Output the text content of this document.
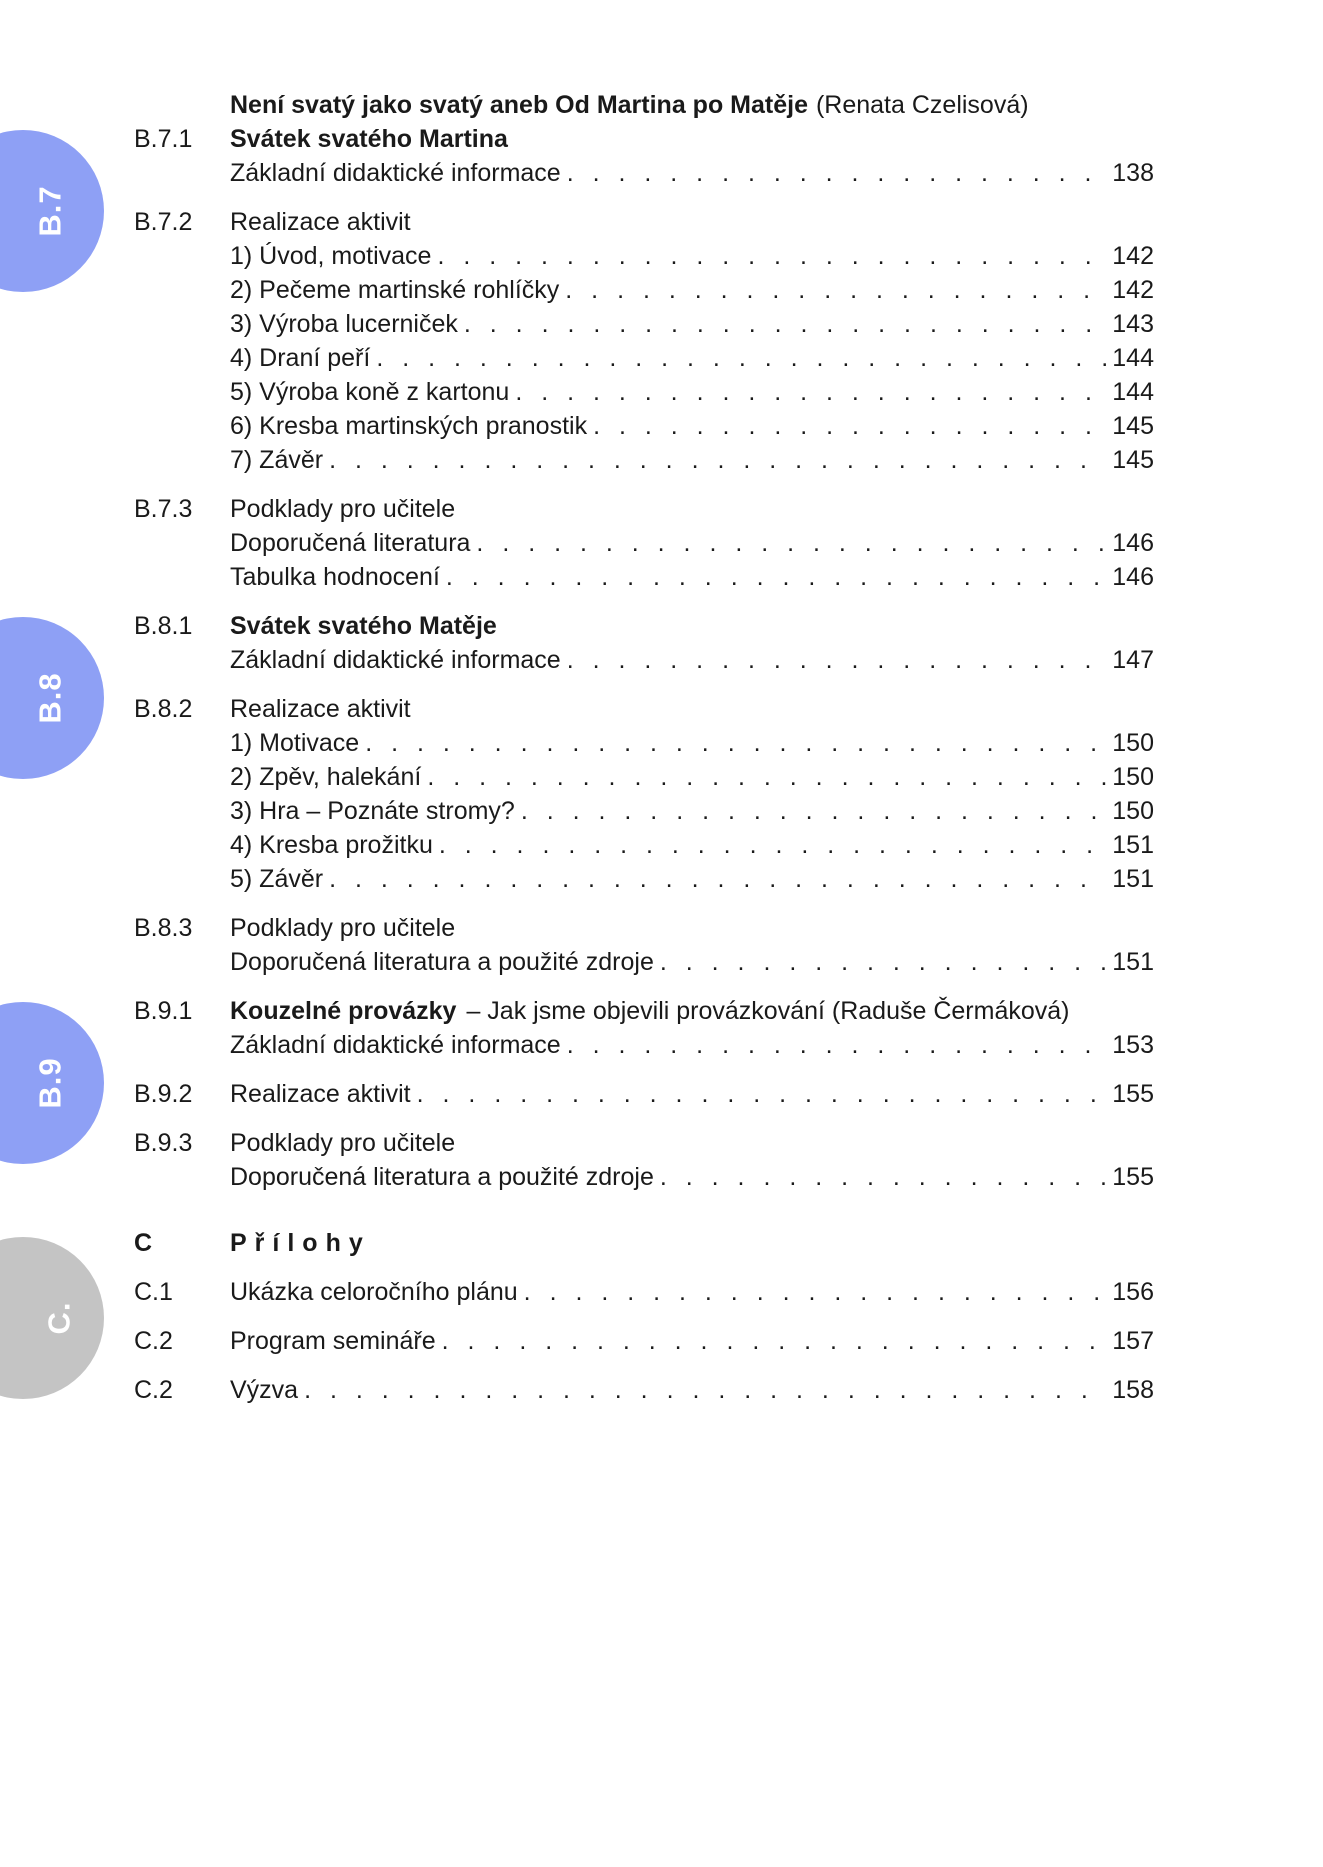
B.7
B.8
B.9
C.
Není svatý jako svatý aneb Od Martina po Matěje (Renata Czelisová)
B.7.1	Svátek svatého Martina
Základní didaktické informace . . .	138
B.7.2	Realizace aktivit
1) Úvod, motivace . . .	142
2) Pečeme martinské rohlíčky . . .	142
3) Výroba lucerniček . . .	143
4) Draní peří . . .	144
5) Výroba koně z kartonu . . .	144
6) Kresba martinských pranostik . . .	145
7) Závěr . . .	145
B.7.3	Podklady pro učitele
Doporučená literatura . . .	146
Tabulka hodnocení . . .	146
B.8.1	Svátek svatého Matěje
Základní didaktické informace . . .	147
B.8.2	Realizace aktivit
1) Motivace . . .	150
2) Zpěv, halekání . . .	150
3) Hra – Poznáte stromy? . . .	150
4) Kresba prožitku . . .	151
5) Závěr . . .	151
B.8.3	Podklady pro učitele
Doporučená literatura a použité zdroje . . .	151
B.9.1	Kouzelné provázky – Jak jsme objevili provázkování (Raduše Čermáková)
Základní didaktické informace . . .	153
B.9.2	Realizace aktivit . . .	155
B.9.3	Podklady pro učitele
Doporučená literatura a použité zdroje . . .	155
C	Přílohy
C.1	Ukázka celoročního plánu . . .	156
C.2	Program semináře . . .	157
C.2	Výzva . . .	158
